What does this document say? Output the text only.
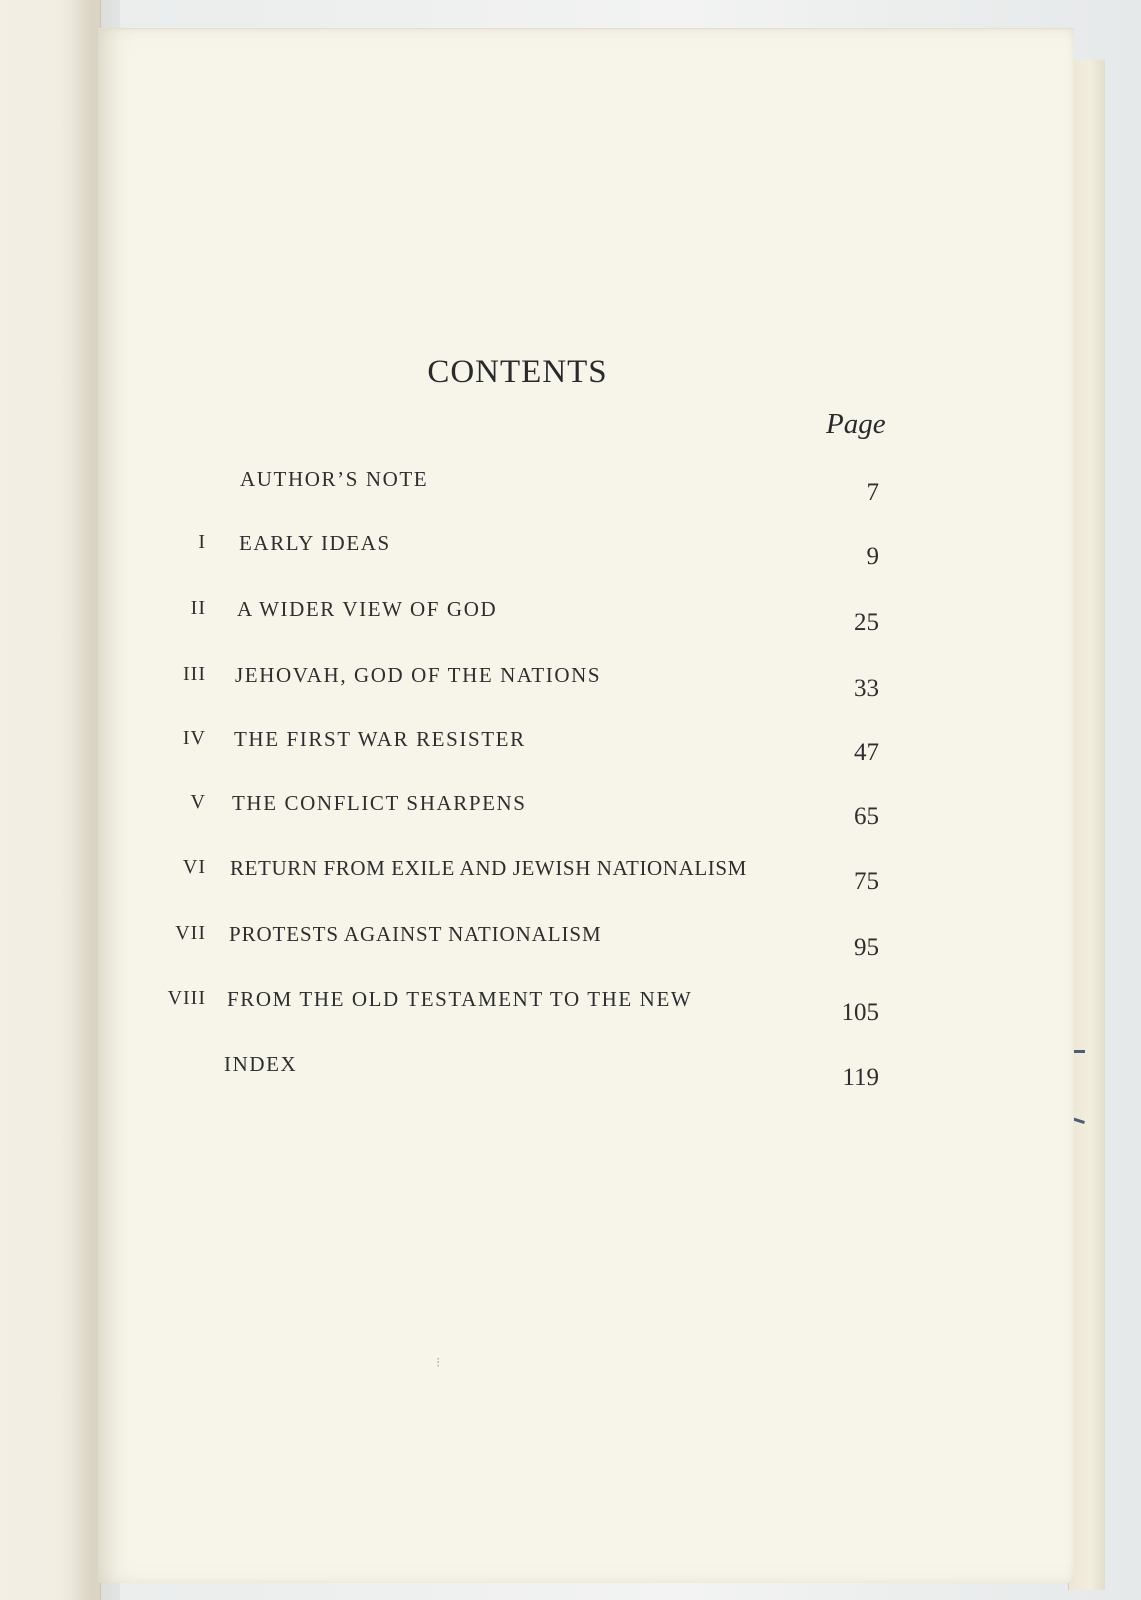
CONTENTS
Page
AUTHOR’S NOTE	7
I EARLY IDEAS	9
II A WIDER VIEW OF GOD	25
III JEHOVAH, GOD OF THE NATIONS	33
IV THE FIRST WAR RESISTER	47
V THE CONFLICT SHARPENS	65
VI RETURN FROM EXILE AND JEWISH NATIONALISM	75
VII PROTESTS AGAINST NATIONALISM	95
VIII FROM THE OLD TESTAMENT TO THE NEW	105
INDEX	119
⁝
